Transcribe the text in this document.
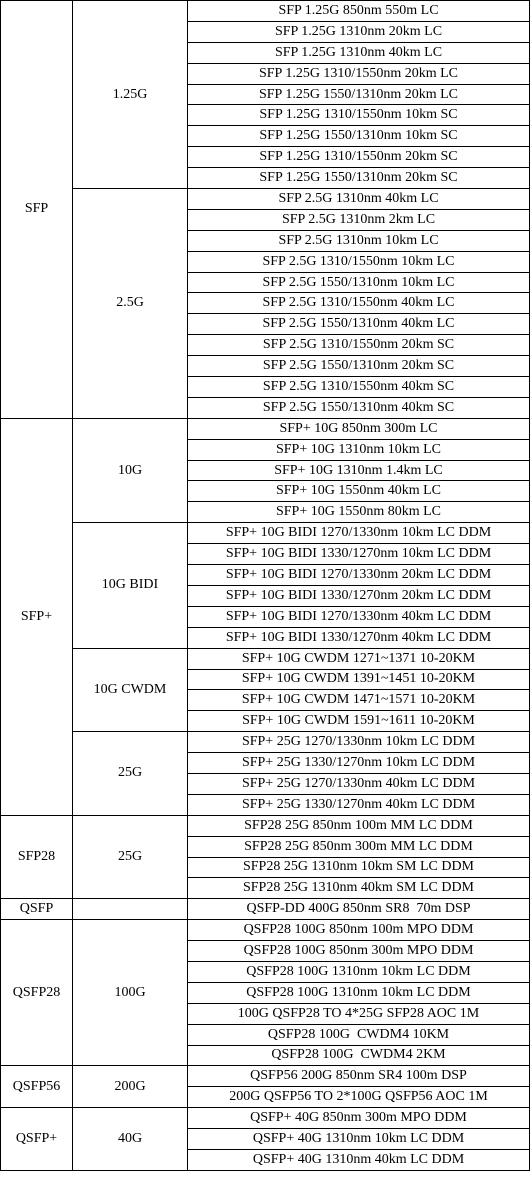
SFP	1.25G	SFP 1.25G 850nm 550m LC
		SFP 1.25G 1310nm 20km LC
		SFP 1.25G 1310nm 40km LC
		SFP 1.25G 1310/1550nm 20km LC
		SFP 1.25G 1550/1310nm 20km LC
		SFP 1.25G 1310/1550nm 10km SC
		SFP 1.25G 1550/1310nm 10km SC
		SFP 1.25G 1310/1550nm 20km SC
		SFP 1.25G 1550/1310nm 20km SC
	2.5G	SFP 2.5G 1310nm 40km LC
		SFP 2.5G 1310nm 2km LC
		SFP 2.5G 1310nm 10km LC
		SFP 2.5G 1310/1550nm 10km LC
		SFP 2.5G 1550/1310nm 10km LC
		SFP 2.5G 1310/1550nm 40km LC
		SFP 2.5G 1550/1310nm 40km LC
		SFP 2.5G 1310/1550nm 20km SC
		SFP 2.5G 1550/1310nm 20km SC
		SFP 2.5G 1310/1550nm 40km SC
		SFP 2.5G 1550/1310nm 40km SC
SFP+	10G	SFP+ 10G 850nm 300m LC
		SFP+ 10G 1310nm 10km LC
		SFP+ 10G 1310nm 1.4km LC
		SFP+ 10G 1550nm 40km LC
		SFP+ 10G 1550nm 80km LC
	10G BIDI	SFP+ 10G BIDI 1270/1330nm 10km LC DDM
		SFP+ 10G BIDI 1330/1270nm 10km LC DDM
		SFP+ 10G BIDI 1270/1330nm 20km LC DDM
		SFP+ 10G BIDI 1330/1270nm 20km LC DDM
		SFP+ 10G BIDI 1270/1330nm 40km LC DDM
		SFP+ 10G BIDI 1330/1270nm 40km LC DDM
	10G CWDM	SFP+ 10G CWDM 1271~1371 10-20KM
		SFP+ 10G CWDM 1391~1451 10-20KM
		SFP+ 10G CWDM 1471~1571 10-20KM
		SFP+ 10G CWDM 1591~1611 10-20KM
	25G	SFP+ 25G 1270/1330nm 10km LC DDM
		SFP+ 25G 1330/1270nm 10km LC DDM
		SFP+ 25G 1270/1330nm 40km LC DDM
		SFP+ 25G 1330/1270nm 40km LC DDM
SFP28	25G	SFP28 25G 850nm 100m MM LC DDM
		SFP28 25G 850nm 300m MM LC DDM
		SFP28 25G 1310nm 10km SM LC DDM
		SFP28 25G 1310nm 40km SM LC DDM
QSFP		QSFP-DD 400G 850nm SR8  70m DSP
QSFP28	100G	QSFP28 100G 850nm 100m MPO DDM
		QSFP28 100G 850nm 300m MPO DDM
		QSFP28 100G 1310nm 10km LC DDM
		QSFP28 100G 1310nm 10km LC DDM
		100G QSFP28 TO 4*25G SFP28 AOC 1M
		QSFP28 100G  CWDM4 10KM
		QSFP28 100G  CWDM4 2KM
QSFP56	200G	QSFP56 200G 850nm SR4 100m DSP
		200G QSFP56 TO 2*100G QSFP56 AOC 1M
QSFP+	40G	QSFP+ 40G 850nm 300m MPO DDM
		QSFP+ 40G 1310nm 10km LC DDM
		QSFP+ 40G 1310nm 40km LC DDM
